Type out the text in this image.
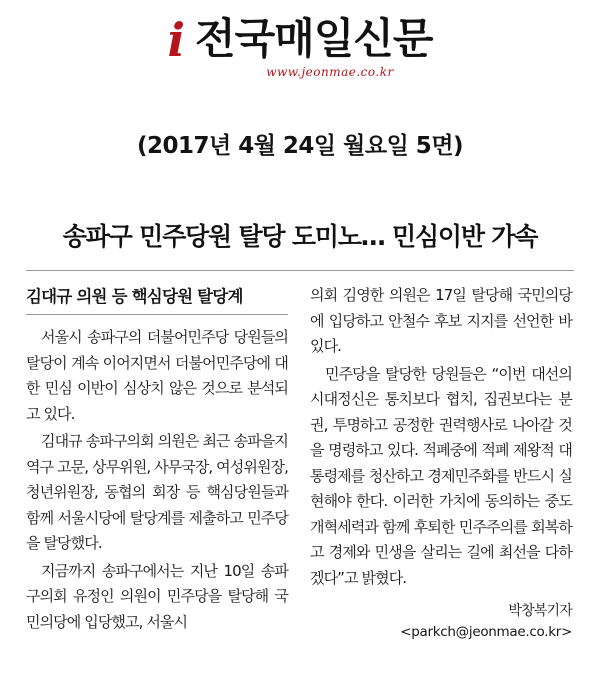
i 전국매일신문
www.jeonmae.co.kr
(2017년 4월 24일 월요일 5면)
송파구 민주당원 탈당 도미노… 민심이반 가속
김대규 의원 등 핵심당원 탈당계

서울시 송파구의 더불어민주당 당원들의 탈당이 계속 이어지면서 더불어민주당에 대한 민심 이반이 심상치 않은 것으로 분석되고 있다.

김대규 송파구의회 의원은 최근 송파을지역구 고문, 상무위원, 사무국장, 여성위원장, 청년위원장, 동협의 회장 등 핵심당원들과 함께 서울시당에 탈당계를 제출하고 민주당을 탈당했다.

지금까지 송파구에서는 지난 10일 송파구의회 유정인 의원이 민주당을 탈당해 국민의당에 입당했고, 서울시

의회 김영한 의원은 17일 탈당해 국민의당에 입당하고 안철수 후보 지지를 선언한 바 있다.

민주당을 탈당한 당원들은 “이번 대선의 시대정신은 통치보다 협치, 집권보다는 분권, 투명하고 공정한 권력행사로 나아갈 것을 명령하고 있다. 적폐중에 적폐 제왕적 대통령제를 청산하고 경제민주화를 반드시 실현해야 한다. 이러한 가치에 동의하는 중도개혁세력과 함께 후퇴한 민주주의를 회복하고 경제와 민생을 살리는 길에 최선을 다하겠다”고 밝혔다.

박창복기자
<parkch@jeonmae.co.kr>
